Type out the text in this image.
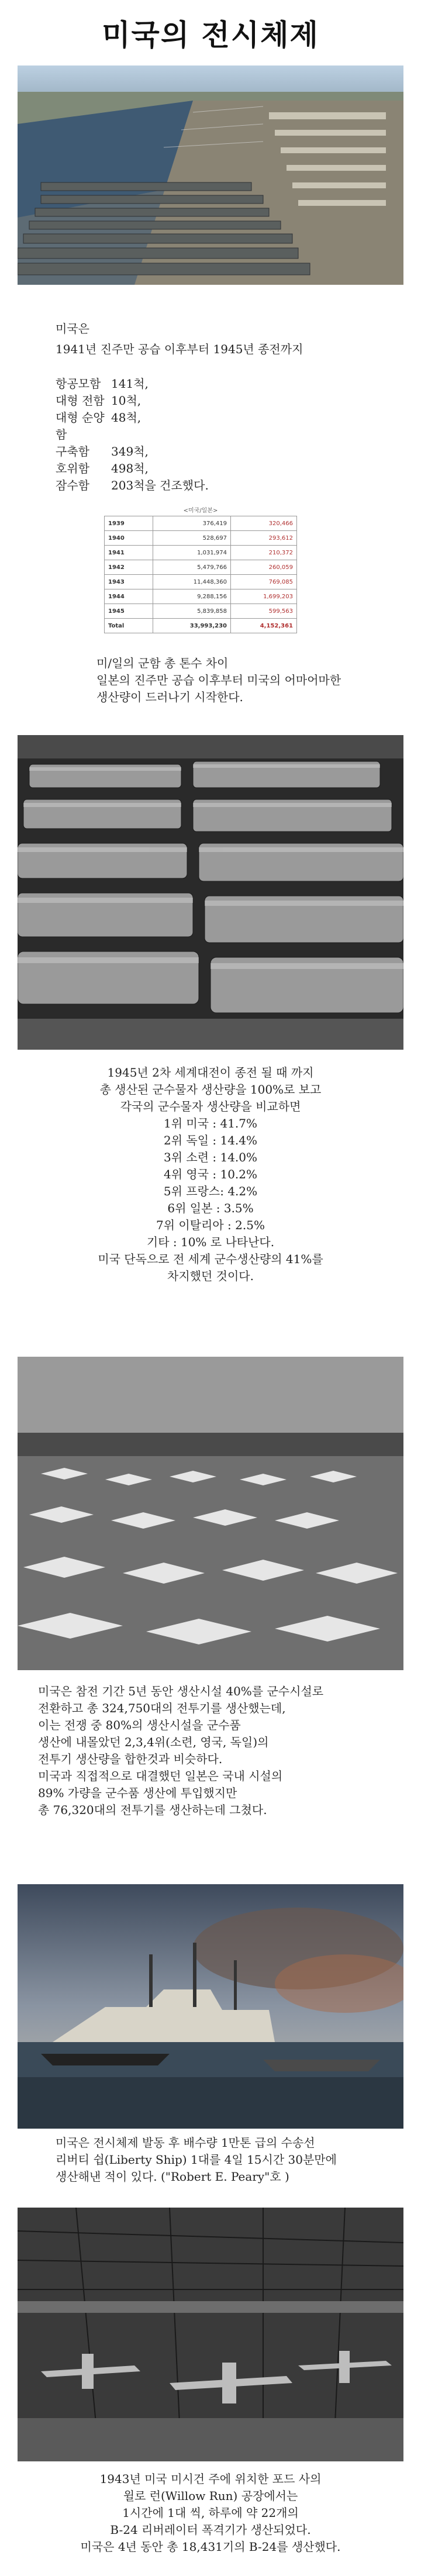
미국의 전시체제
미국은
1941년 진주만 공습 이후부터 1945년 종전까지
항공모함 141척,
대형 전함 10척,
대형 순양함
48척,
구축함	349척,
호위함	498척,
잠수함	203척을 건조했다.
<미국/일본>
1939	376,419	320,466
1940	528,697	293,612
1941	1,031,974	210,372
1942	5,479,766	260,059
1943	11,448,360	769,085
1944	9,288,156	1,699,203
1945	5,839,858	599,563
Total	33,993,230	4,152,361
미/일의 군함 총 톤수 차이
일본의 진주만 공습 이후부터 미국의 어마어마한
생산량이 드러나기 시작한다.
1945년 2차 세계대전이 종전 될 때 까지
총 생산된 군수물자 생산량을 100%로 보고
각국의 군수물자 생산량을 비교하면
1위 미국 : 41.7%
2위 독일 : 14.4%
3위 소련 : 14.0%
4위 영국 : 10.2%
5위 프랑스: 4.2%
6위 일본 : 3.5%
7위 이탈리아 : 2.5%
기타 : 10% 로 나타난다.
미국 단독으로 전 세계 군수생산량의 41%를
차지했던 것이다.
미국은 참전 기간 5년 동안 생산시설 40%를 군수시설로
전환하고 총 324,750대의 전투기를 생산했는데,
이는 전쟁 중 80%의 생산시설을 군수품
생산에 내몰았던 2,3,4위(소련, 영국, 독일)의
전투기 생산량을 합한것과 비슷하다.
미국과 직접적으로 대결했던 일본은 국내 시설의
89% 가량을 군수품 생산에 투입했지만
총 76,320대의 전투기를 생산하는데 그쳤다.
미국은 전시체제 발동 후 배수량 1만톤 급의 수송선
리버티 쉽(Liberty Ship) 1대를 4일 15시간 30분만에
생산해낸 적이 있다. ("Robert E. Peary"호 )
1943년 미국 미시건 주에 위치한 포드 사의
윌로 런(Willow Run) 공장에서는
1시간에 1대 씩, 하루에 약 22개의
B-24 리버레이터 폭격기가 생산되었다.
미국은 4년 동안 총 18,431기의 B-24를 생산했다.
